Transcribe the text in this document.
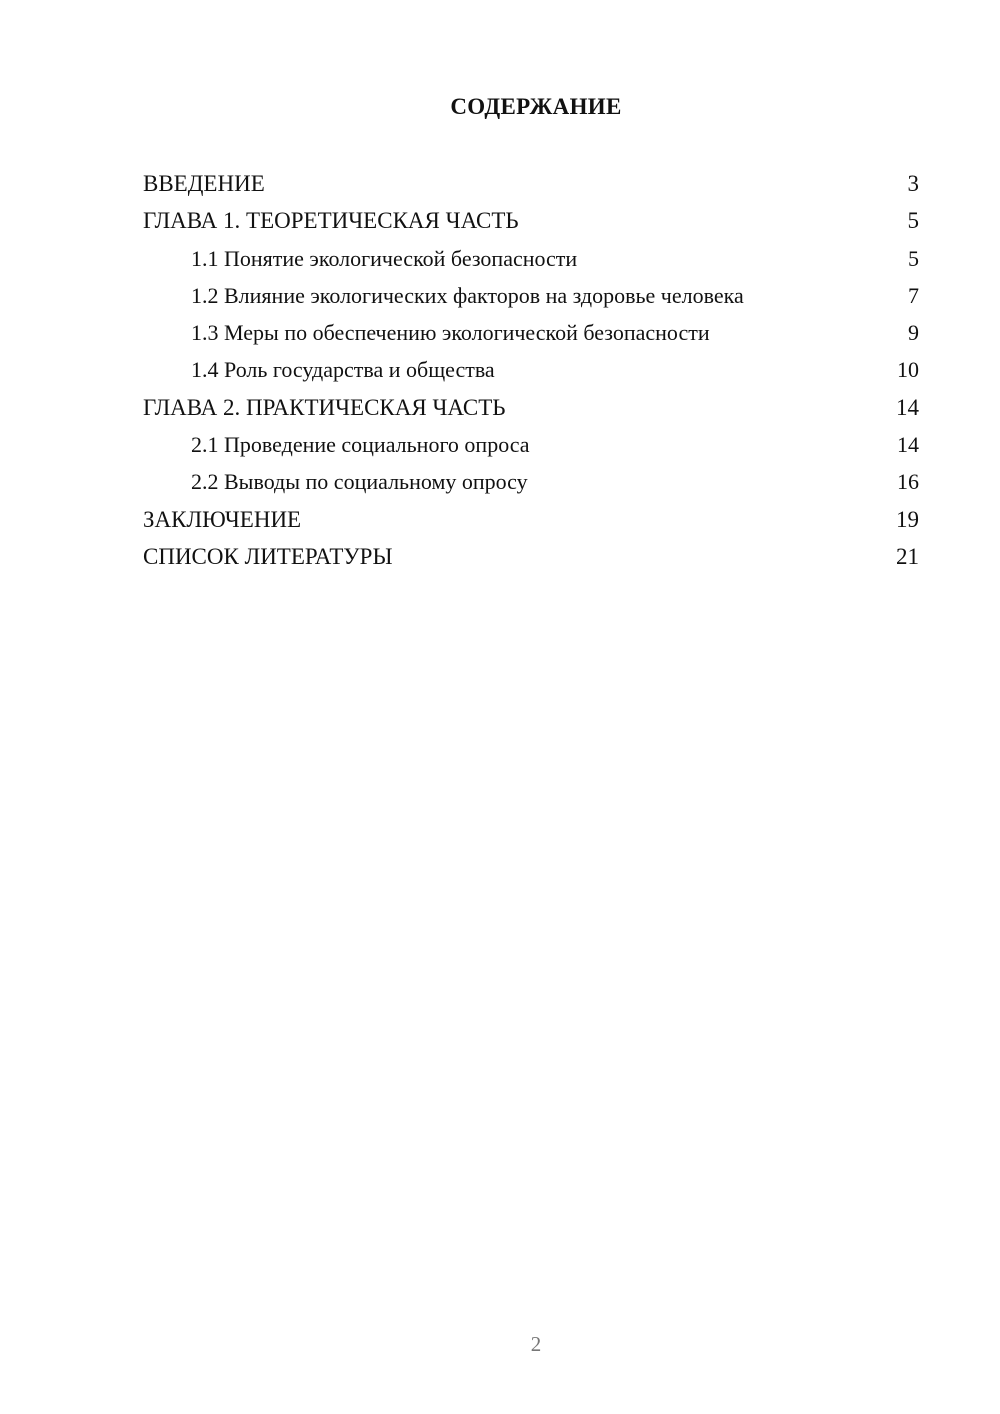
СОДЕРЖАНИЕ
ВВЕДЕНИЕ	3
ГЛАВА 1. ТЕОРЕТИЧЕСКАЯ ЧАСТЬ	5
1.1 Понятие экологической безопасности	5
1.2 Влияние экологических факторов на здоровье человека	7
1.3 Меры по обеспечению экологической безопасности	9
1.4 Роль государства и общества	10
ГЛАВА 2. ПРАКТИЧЕСКАЯ ЧАСТЬ	14
2.1 Проведение социального опроса	14
2.2 Выводы по социальному опросу	16
ЗАКЛЮЧЕНИЕ	19
СПИСОК ЛИТЕРАТУРЫ	21
2
